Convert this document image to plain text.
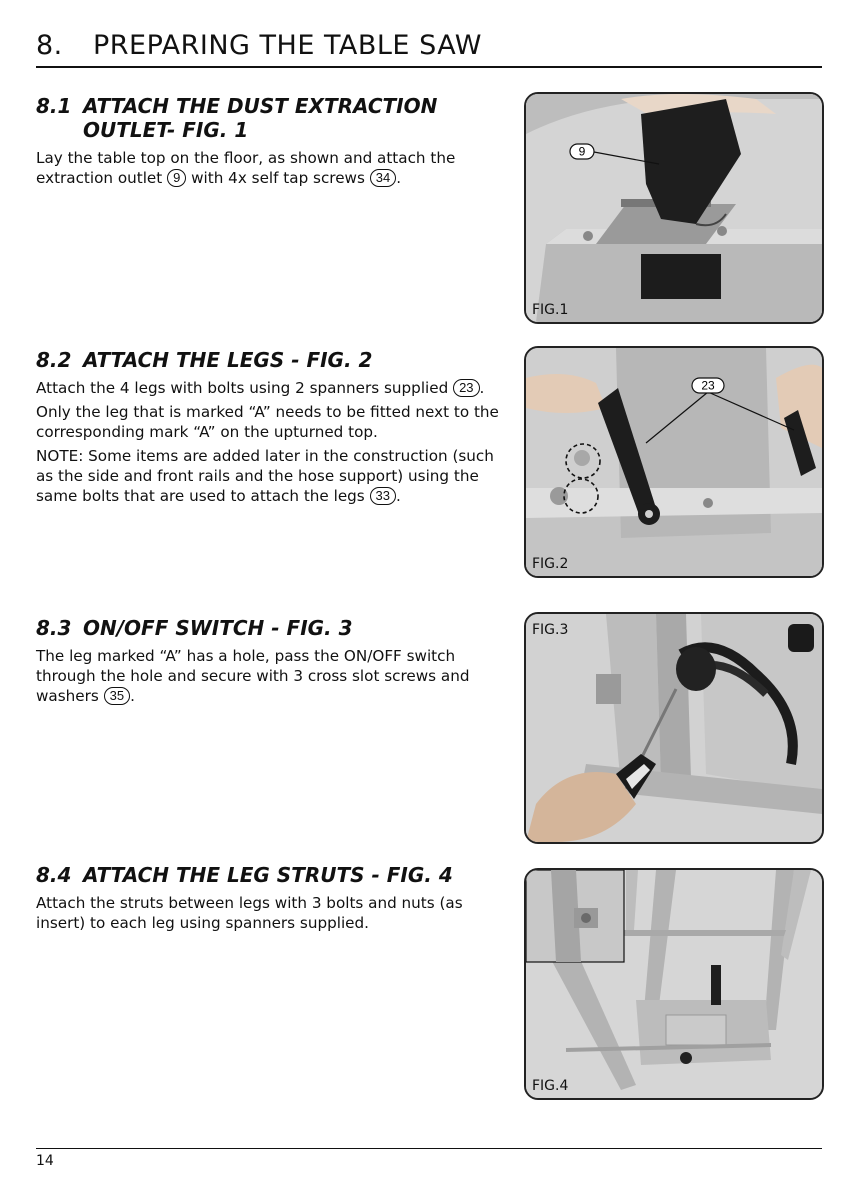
8. PREPARING THE TABLE SAW
8.1 ATTACH THE DUST EXTRACTION
OUTLET- FIG. 1

Lay the table top on the floor, as shown and attach the extraction outlet 9 with 4x self tap screws 34 .

8.2 ATTACH THE LEGS - FIG. 2

Attach the 4 legs with bolts using 2 spanners supplied 23 .

Only the leg that is marked “A” needs to be fitted next to the corresponding mark “A” on the upturned top.

NOTE: Some items are added later in the construction (such as the side and front rails and the hose support) using the same bolts that are used to attach the legs 33 .

8.3 ON/OFF SWITCH - FIG. 3

The leg marked “A” has a hole, pass the ON/OFF switch through the hole and secure with 3 cross slot screws and washers 35 .

8.4 ATTACH THE LEG STRUTS - FIG. 4

Attach the struts between legs with 3 bolts and nuts (as insert) to each leg using spanners supplied.

9
FIG.1
23
FIG.2
FIG.3
FIG.4
14
